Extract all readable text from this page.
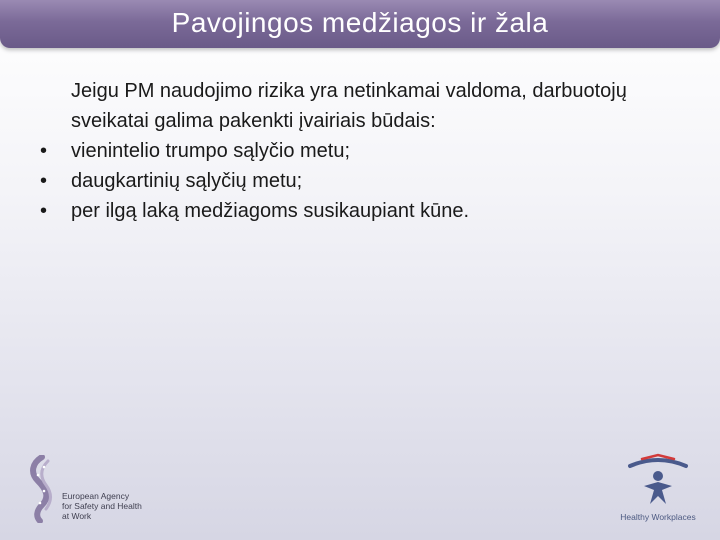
Pavojingos medžiagos ir žala
Jeigu PM naudojimo rizika yra netinkamai valdoma, darbuotojų sveikatai galima pakenkti įvairiais būdais:
•	vienintelio trumpo sąlyčio metu;
•	daugkartinių sąlyčių metu;
•	per ilgą laką medžiagoms susikaupiant kūne.
European Agency
for Safety and Health
at Work	Healthy Workplaces
